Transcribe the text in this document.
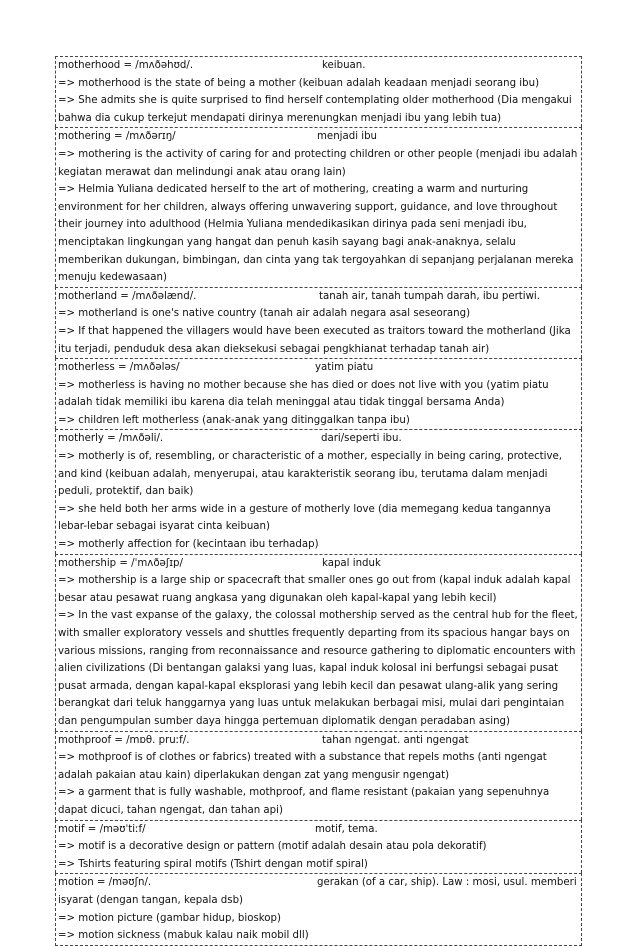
motherhood = /mʌðəhʊd/.	keibuan.
=> motherhood is the state of being a mother (keibuan adalah keadaan menjadi seorang ibu)
=> She admits she is quite surprised to find herself contemplating older motherhood (Dia mengakui bahwa dia cukup terkejut mendapati dirinya merenungkan menjadi ibu yang lebih tua)
mothering = /mʌðərɪŋ/	menjadi ibu
=> mothering is the activity of caring for and protecting children or other people (menjadi ibu adalah kegiatan merawat dan melindungi anak atau orang lain)
=> Helmia Yuliana dedicated herself to the art of mothering, creating a warm and nurturing environment for her children, always offering unwavering support, guidance, and love throughout their journey into adulthood (Helmia Yuliana mendedikasikan dirinya pada seni menjadi ibu, menciptakan lingkungan yang hangat dan penuh kasih sayang bagi anak-anaknya, selalu memberikan dukungan, bimbingan, dan cinta yang tak tergoyahkan di sepanjang perjalanan mereka menuju kedewasaan)
motherland = /mʌðəlænd/.	tanah air, tanah tumpah darah, ibu pertiwi.
=> motherland is one's native country (tanah air adalah negara asal seseorang)
=> If that happened the villagers would have been executed as traitors toward the motherland (Jika itu terjadi, penduduk desa akan dieksekusi sebagai pengkhianat terhadap tanah air)
motherless = /mʌðələs/	yatim piatu
=> motherless is having no mother because she has died or does not live with you (yatim piatu adalah tidak memiliki ibu karena dia telah meninggal atau tidak tinggal bersama Anda)
=> children left motherless (anak-anak yang ditinggalkan tanpa ibu)
motherly = /mʌðəli/.	dari/seperti ibu.
=> motherly is of, resembling, or characteristic of a mother, especially in being caring, protective, and kind (keibuan adalah, menyerupai, atau karakteristik seorang ibu, terutama dalam menjadi peduli, protektif, dan baik)
=> she held both her arms wide in a gesture of motherly love (dia memegang kedua tangannya lebar-lebar sebagai isyarat cinta keibuan)
=> motherly affection for (kecintaan ibu terhadap)
mothership = /ˈmʌðəʃɪp/	kapal induk
=> mothership is a large ship or spacecraft that smaller ones go out from (kapal induk adalah kapal besar atau pesawat ruang angkasa yang digunakan oleh kapal-kapal yang lebih kecil)
=> In the vast expanse of the galaxy, the colossal mothership served as the central hub for the fleet, with smaller exploratory vessels and shuttles frequently departing from its spacious hangar bays on various missions, ranging from reconnaissance and resource gathering to diplomatic encounters with alien civilizations (Di bentangan galaksi yang luas, kapal induk kolosal ini berfungsi sebagai pusat pusat armada, dengan kapal-kapal eksplorasi yang lebih kecil dan pesawat ulang-alik yang sering berangkat dari teluk hanggarnya yang luas untuk melakukan berbagai misi, mulai dari pengintaian dan pengumpulan sumber daya hingga pertemuan diplomatik dengan peradaban asing)
mothproof = /mɒθ. pruːf/.	tahan ngengat. anti ngengat
=> mothproof is of clothes or fabrics) treated with a substance that repels moths (anti ngengat adalah pakaian atau kain) diperlakukan dengan zat yang mengusir ngengat)
=> a garment that is fully washable, mothproof, and flame resistant (pakaian yang sepenuhnya dapat dicuci, tahan ngengat, dan tahan api)
motif = /məʊˈtiːf/	motif, tema.
=> motif is a decorative design or pattern (motif adalah desain atau pola dekoratif)
=> Tshirts featuring spiral motifs (Tshirt dengan motif spiral)
motion = /məʊʃn/.	gerakan (of a car, ship). Law : mosi, usul. memberi isyarat (dengan tangan, kepala dsb)
=> motion picture (gambar hidup, bioskop)
=> motion sickness (mabuk kalau naik mobil dll)
